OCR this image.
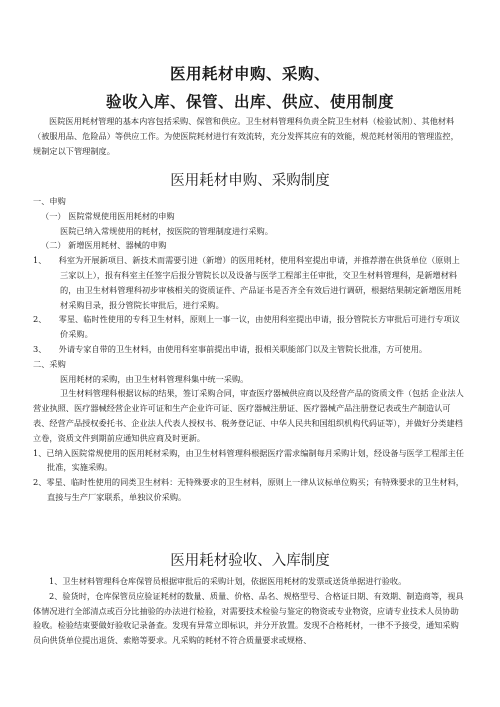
医用耗材申购、采购、
验收入库、保管、出库、供应、使用制度

医院医用耗材管理的基本内容包括采购、保管和供应。卫生材料管理科负责全院卫生材料（检验试剂）、其他材料（被服用品、危险品）等供应工作。为使医院耗材进行有效流转，充分发挥其应有的效能，规范耗材领用的管理监控，规制定以下管理制度。

医用耗材申购、采购制度

一、申购

（一） 医院常规使用医用耗材的申购

医院已纳入常规使用的耗材，按医院的管理制度进行采购。

（二） 新增医用耗材、器械的申购

1、　　科室为开展新项目、新技术而需要引进（新增）的医用耗材，使用科室提出申请，并推荐潜在供货单位（原则上三家以上），报有科室主任签字后报分管院长以及设备与医学工程部主任审批，交卫生材料管理科，是新增材料的，由卫生材料管理科初步审核相关的资质证件、产品证书是否齐全有效后进行调研，根据结果制定新增医用耗材采购目录，报分管院长审批后，进行采购。

2、　　零星、临时性使用的专科卫生材料，原则上一事一议，由使用科室提出申请，报分管院长方审批后可进行专项议价采购。

3、　　外请专家自带的卫生材料，由使用科室事前提出申请，报相关职能部门以及主管院长批准，方可使用。

二、采购

医用耗材的采购，由卫生材料管理科集中统一采购。

卫生材料管理科根据议标的结果，签订采购合同，审查医疗器械供应商以及经营产品的资质文件（包括 企业法人营业执照、医疗器械经营企业许可证和生产企业许可证、医疗器械注册证、医疗器械产品注册登记表或生产制造认可表、经营产品授权委托书、企业法人代表人授权书、税务登记证、中华人民共和国组织机构代码证等），并做好分类建档立卷，资质文件到期前应通知供应商及时更新。

1、已纳入医院常规使用的医用耗材采购，由卫生材料管理科根据医疗需求编制每月采购计划，经设备与医学工程部主任批准，实施采购。

2、零星、临时性使用的同类卫生材料：无特殊要求的卫生材料，原则上一律从议标单位购买；有特殊要求的卫生材料，直接与生产厂家联系，单独议价采购。

医用耗材验收、入库制度

1、卫生材料管理科仓库保管员根据审批后的采购计划，依据医用耗材的发票或送货单据进行验收。

2、验货时，仓库保管员应验证耗材的数量、质量、价格、品名、规格型号、合格证日期、有效期、制造商等，视具体情况进行全部清点或百分比抽验的办法进行检验，对需要技术检验与鉴定的物资或专业物资，应请专业技术人员协助验收。检验结束要做好验收记录备查。发现有异常立即标识，并分开放置。发现不合格耗材，一律不予接受，通知采购员向供货单位提出退货、索赔等要求。凡采购的耗材不符合质量要求或规格、
